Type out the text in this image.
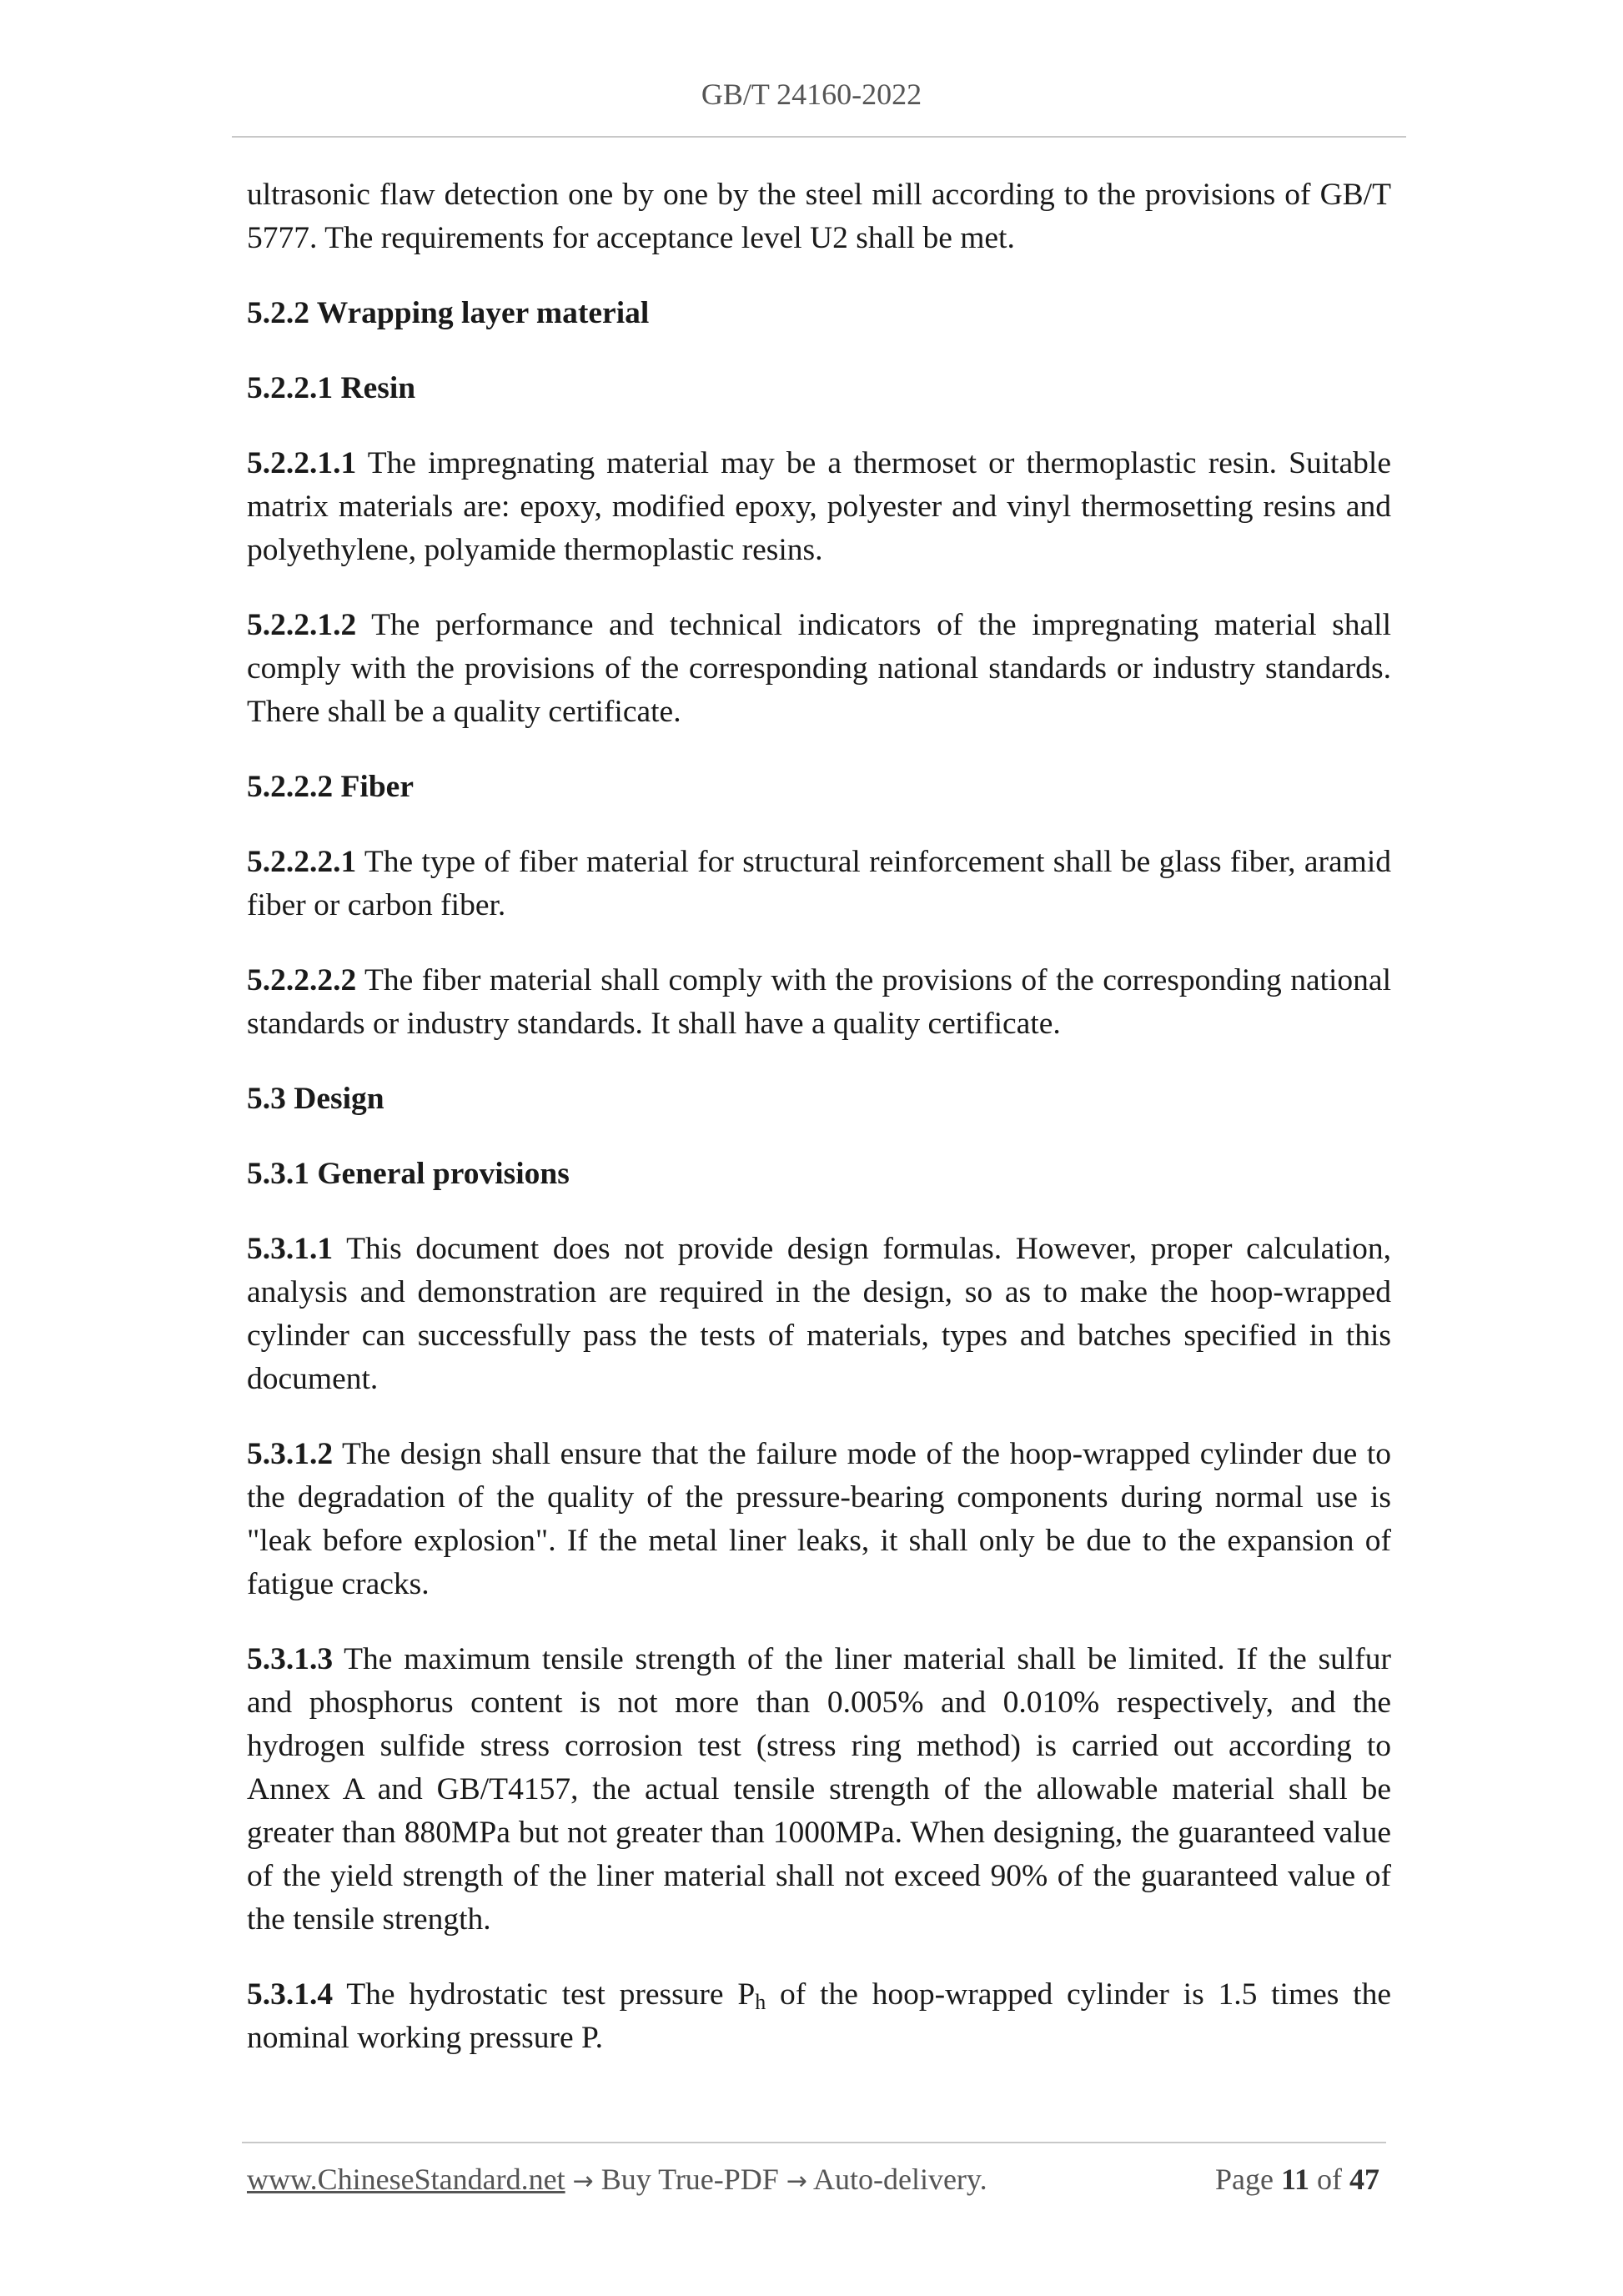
GB/T 24160-2022

ultrasonic flaw detection one by one by the steel mill according to the provisions of GB/T 5777. The requirements for acceptance level U2 shall be met.

5.2.2 Wrapping layer material
5.2.2.1 Resin

5.2.2.1.1 The impregnating material may be a thermoset or thermoplastic resin. Suitable matrix materials are: epoxy, modified epoxy, polyester and vinyl thermosetting resins and polyethylene, polyamide thermoplastic resins.

5.2.2.1.2 The performance and technical indicators of the impregnating material shall comply with the provisions of the corresponding national standards or industry standards. There shall be a quality certificate.

5.2.2.2 Fiber

5.2.2.2.1 The type of fiber material for structural reinforcement shall be glass fiber, aramid fiber or carbon fiber.

5.2.2.2.2 The fiber material shall comply with the provisions of the corresponding national standards or industry standards. It shall have a quality certificate.

5.3 Design
5.3.1 General provisions

5.3.1.1 This document does not provide design formulas. However, proper calculation, analysis and demonstration are required in the design, so as to make the hoop-wrapped cylinder can successfully pass the tests of materials, types and batches specified in this document.

5.3.1.2 The design shall ensure that the failure mode of the hoop-wrapped cylinder due to the degradation of the quality of the pressure-bearing components during normal use is "leak before explosion". If the metal liner leaks, it shall only be due to the expansion of fatigue cracks.

5.3.1.3 The maximum tensile strength of the liner material shall be limited. If the sulfur and phosphorus content is not more than 0.005% and 0.010% respectively, and the hydrogen sulfide stress corrosion test (stress ring method) is carried out according to Annex A and GB/T4157, the actual tensile strength of the allowable material shall be greater than 880MPa but not greater than 1000MPa. When designing, the guaranteed value of the yield strength of the liner material shall not exceed 90% of the guaranteed value of the tensile strength.

5.3.1.4 The hydrostatic test pressure $P_h$ of the hoop-wrapped cylinder is 1.5 times the nominal working pressure P.

www.ChineseStandard.net → Buy True-PDF → Auto-delivery.	Page 11 of 47
